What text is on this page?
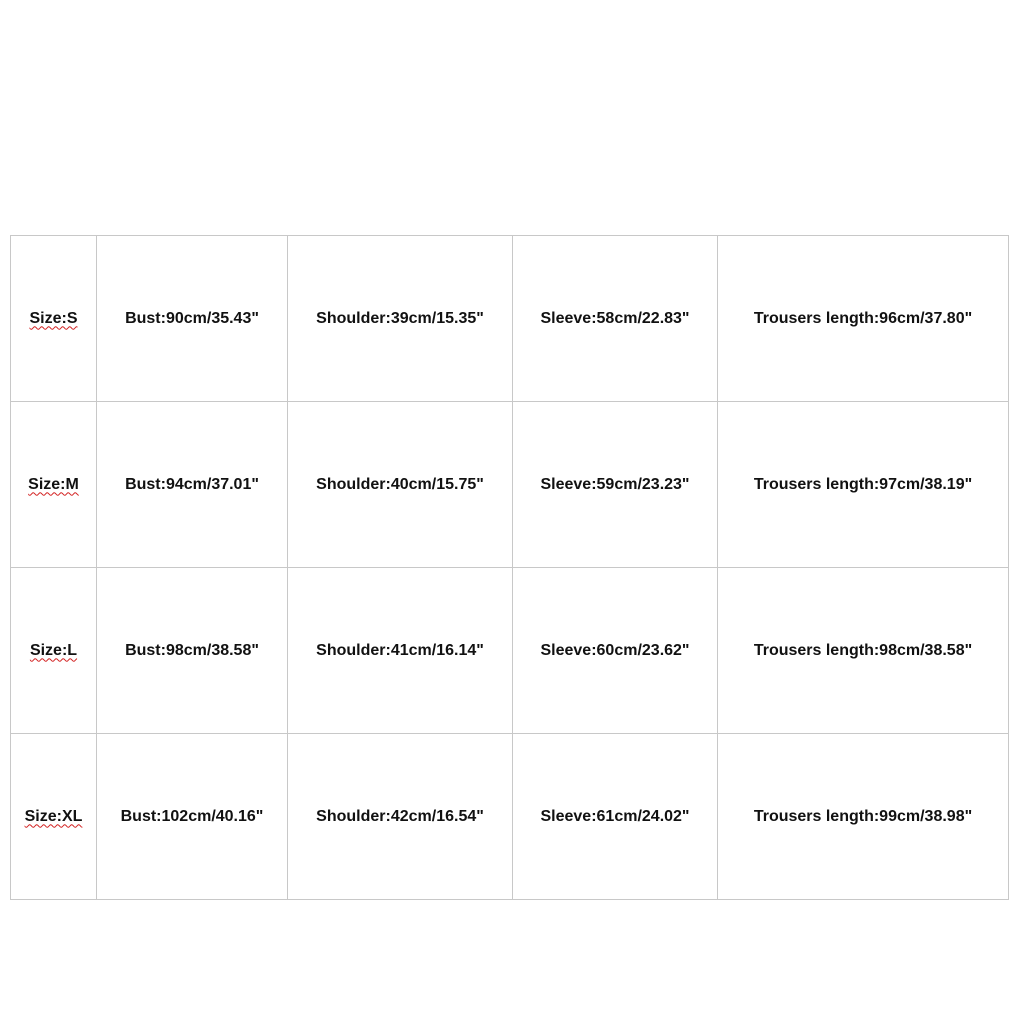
Size:S	Bust:90cm/35.43"	Shoulder:39cm/15.35"	Sleeve:58cm/22.83"	Trousers length:96cm/37.80"
Size:M	Bust:94cm/37.01"	Shoulder:40cm/15.75"	Sleeve:59cm/23.23"	Trousers length:97cm/38.19"
Size:L	Bust:98cm/38.58"	Shoulder:41cm/16.14"	Sleeve:60cm/23.62"	Trousers length:98cm/38.58"
Size:XL	Bust:102cm/40.16"	Shoulder:42cm/16.54"	Sleeve:61cm/24.02"	Trousers length:99cm/38.98"
